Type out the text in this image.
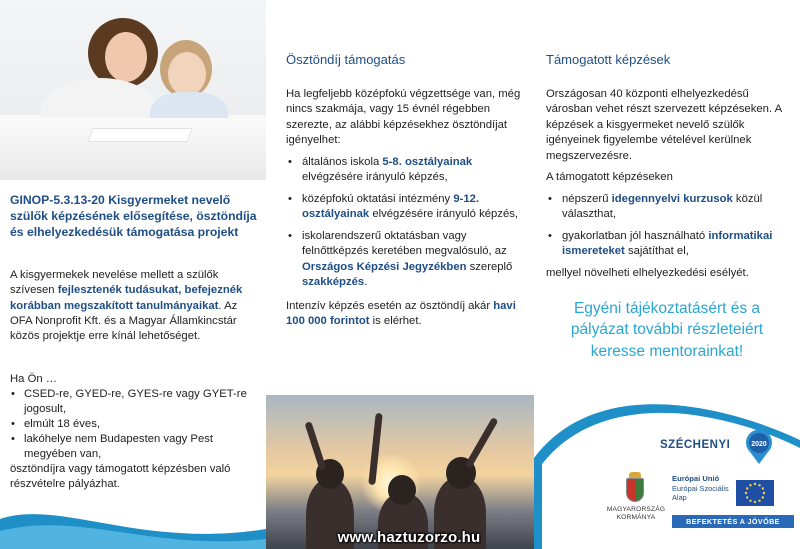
GINOP-5.3.13-20 Kisgyermeket nevelő szülők képzésének elősegítése, ösztöndíja és elhelyezkedésük támogatása projekt
A kisgyermekek nevelése mellett a szülők szívesen fejlesztenék tudásukat, befejeznék korábban megszakított tanulmányaikat. Az OFA Nonprofit Kft. és a Magyar Államkincstár közös projektje erre kínál lehetőséget.
Ha Ön …
• CSED-re, GYED-re, GYES-re vagy GYET-re jogosult,
• elmúlt 18 éves,
• lakóhelye nem Budapesten vagy Pest megyében van,
ösztöndíjra vagy támogatott képzésben való részvételre pályázhat.
Ösztöndíj támogatás
Ha legfeljebb középfokú végzettsége van, még nincs szakmája, vagy 15 évnél régebben szerezte, az alábbi képzésekhez ösztöndíjat igényelhet:
• általános iskola 5-8. osztályainak elvégzésére irányuló képzés,
• középfokú oktatási intézmény 9-12. osztályainak elvégzésére irányuló képzés,
• iskolarendszerű oktatásban vagy felnőttképzés keretében megvalósuló, az Országos Képzési Jegyzékben szereplő szakképzés.
Intenzív képzés esetén az ösztöndíj akár havi 100 000 forintot is elérhet.
Támogatott képzések

Országosan 40 központi elhelyezkedésű városban vehet részt szervezett képzéseken. A képzések a kisgyermeket nevelő szülők igényeinek figyelembe vételével kerülnek megszervezésre.

A támogatott képzéseken

• népszerű idegennyelvi kurzusok közül választhat,
• gyakorlatban jól használható informatikai ismereteket sajátíthat el,

mellyel növelheti elhelyezkedési esélyét.

Egyéni tájékoztatásért és a pályázat további részleteiért keresse mentorainkat!
SZÉCHENYI	2020
MAGYARORSZÁG
KORMÁNYA
Európai Unió
Európai Szociális
Alap
BEFEKTETÉS A JÖVŐBE
www.haztuzorzo.hu
